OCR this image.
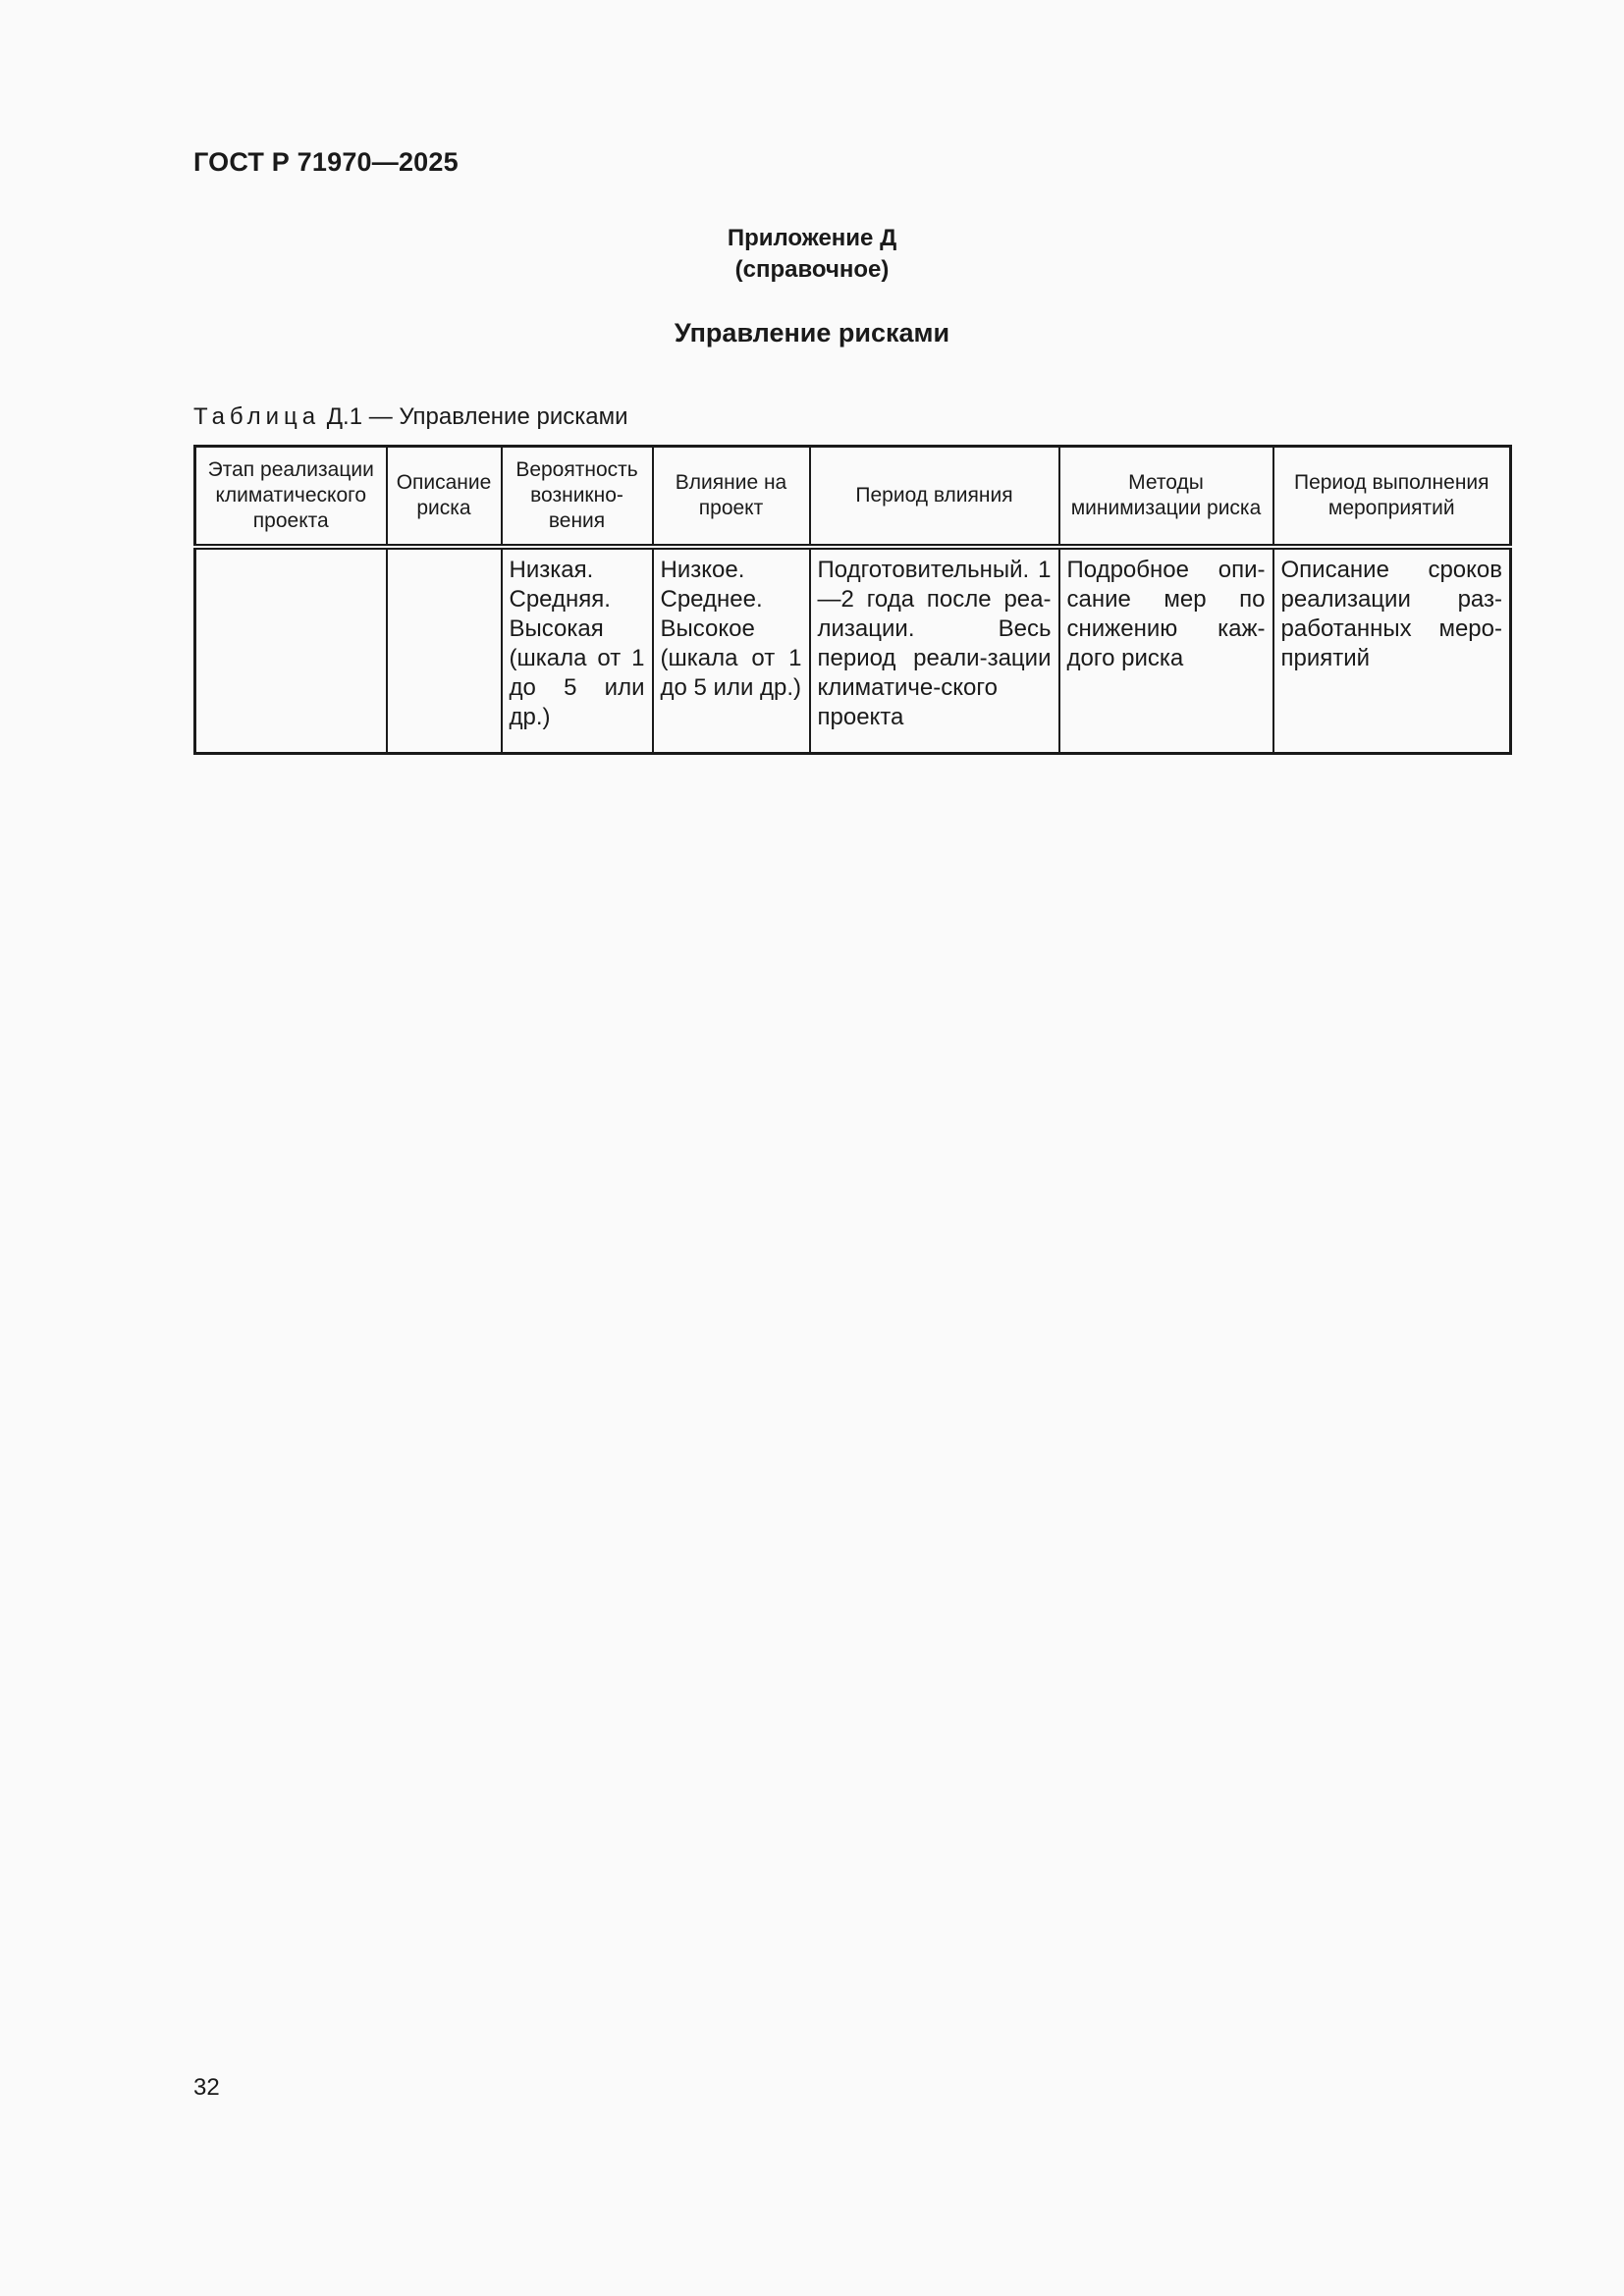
ГОСТ Р 71970—2025
Приложение Д
(справочное)
Управление рисками
Таблица Д.1 — Управление рисками
Этап реализации климатического проекта	Описание риска	Вероятность возникно-вения	Влияние на проект	Период влияния	Методы минимизации риска	Период выполнения мероприятий
		Низкая. Средняя. Высокая (шкала от 1 до 5 или др.)	Низкое. Среднее. Высокое (шкала от 1 до 5 или др.)	Подготовительный. 1—2 года после реа-лизации. Весь период реали-зации климатиче-ского проекта	Подробное опи-сание мер по снижению каж-дого риска	Описание сроков реализации раз-работанных меро-приятий
32
